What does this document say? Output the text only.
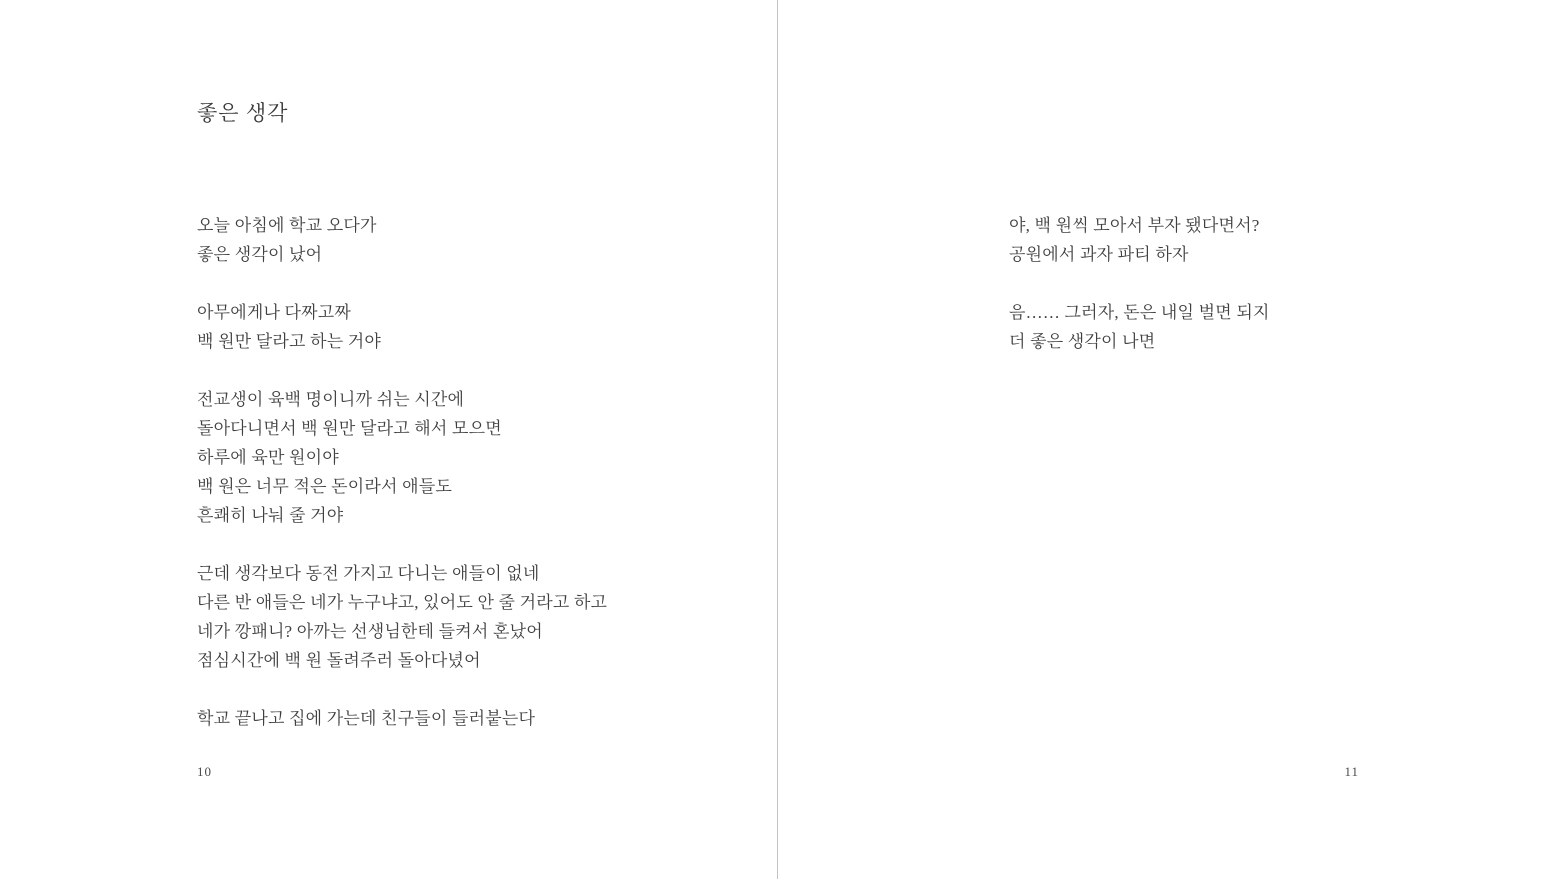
좋은 생각

오늘 아침에 학교 오다가

좋은 생각이 났어

아무에게나 다짜고짜

백 원만 달라고 하는 거야

전교생이 육백 명이니까 쉬는 시간에

돌아다니면서 백 원만 달라고 해서 모으면

하루에 육만 원이야

백 원은 너무 적은 돈이라서 애들도

흔쾌히 나눠 줄 거야

근데 생각보다 동전 가지고 다니는 애들이 없네

다른 반 애들은 네가 누구냐고, 있어도 안 줄 거라고 하고

네가 깡패니? 아까는 선생님한테 들켜서 혼났어

점심시간에 백 원 돌려주러 돌아다녔어

학교 끝나고 집에 가는데 친구들이 들러붙는다

10

야, 백 원씩 모아서 부자 됐다면서?

공원에서 과자 파티 하자

음…… 그러자, 돈은 내일 벌면 되지

더 좋은 생각이 나면

11
